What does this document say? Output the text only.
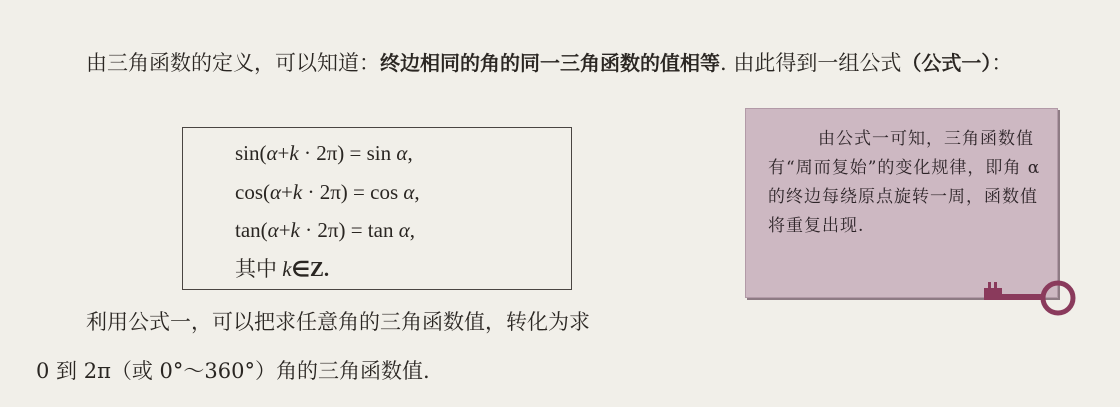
由三角函数的定义，可以知道：终边相同的角的同一三角函数的值相等. 由此得到一组公式（公式一）：
sin(α+k · 2π) = sin α,
cos(α+k · 2π) = cos α,
tan(α+k · 2π) = tan α,
其中 k∈Z.
由公式一可知，三角函数值有“周而复始”的变化规律，即角 α 的终边每绕原点旋转一周，函数值将重复出现.
利用公式一，可以把求任意角的三角函数值，转化为求
0 到 2π（或 0°～360°）角的三角函数值.
